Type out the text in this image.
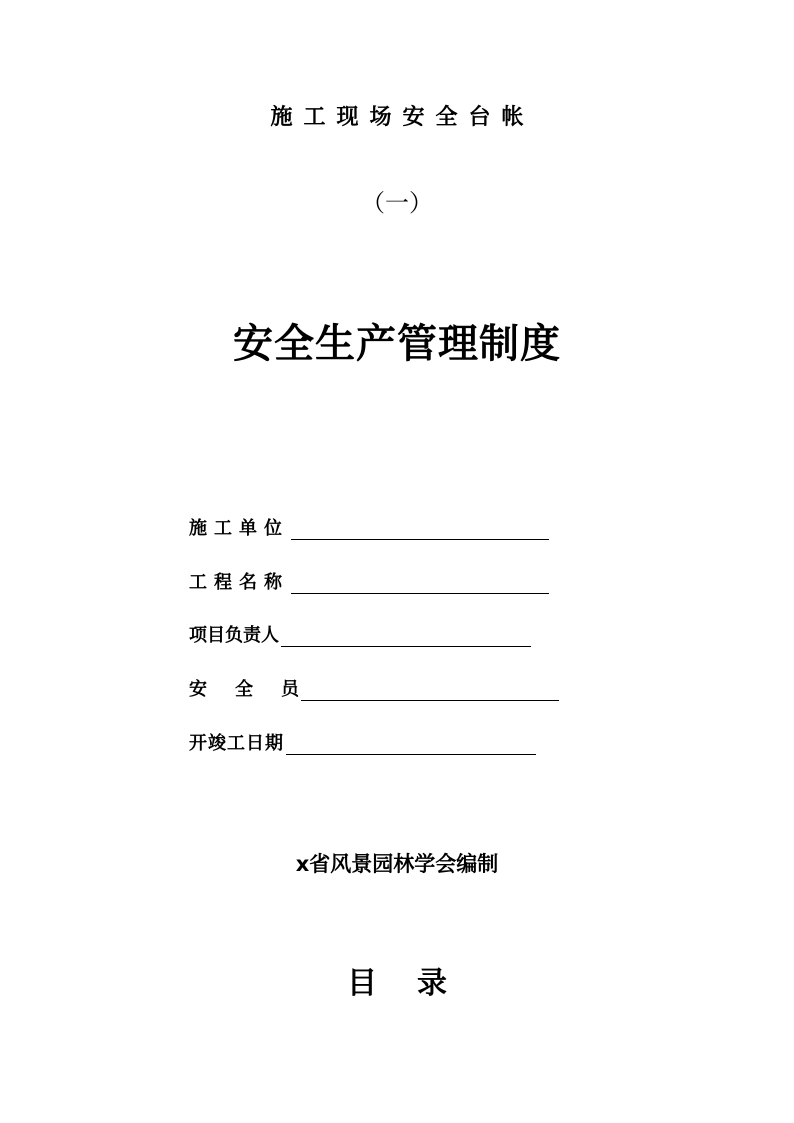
施工现场安全台帐
（一）
安全生产管理制度
施工单位
工程名称
项目负责人
安 全 员
开竣工日期
x省风景园林学会编制
目录
